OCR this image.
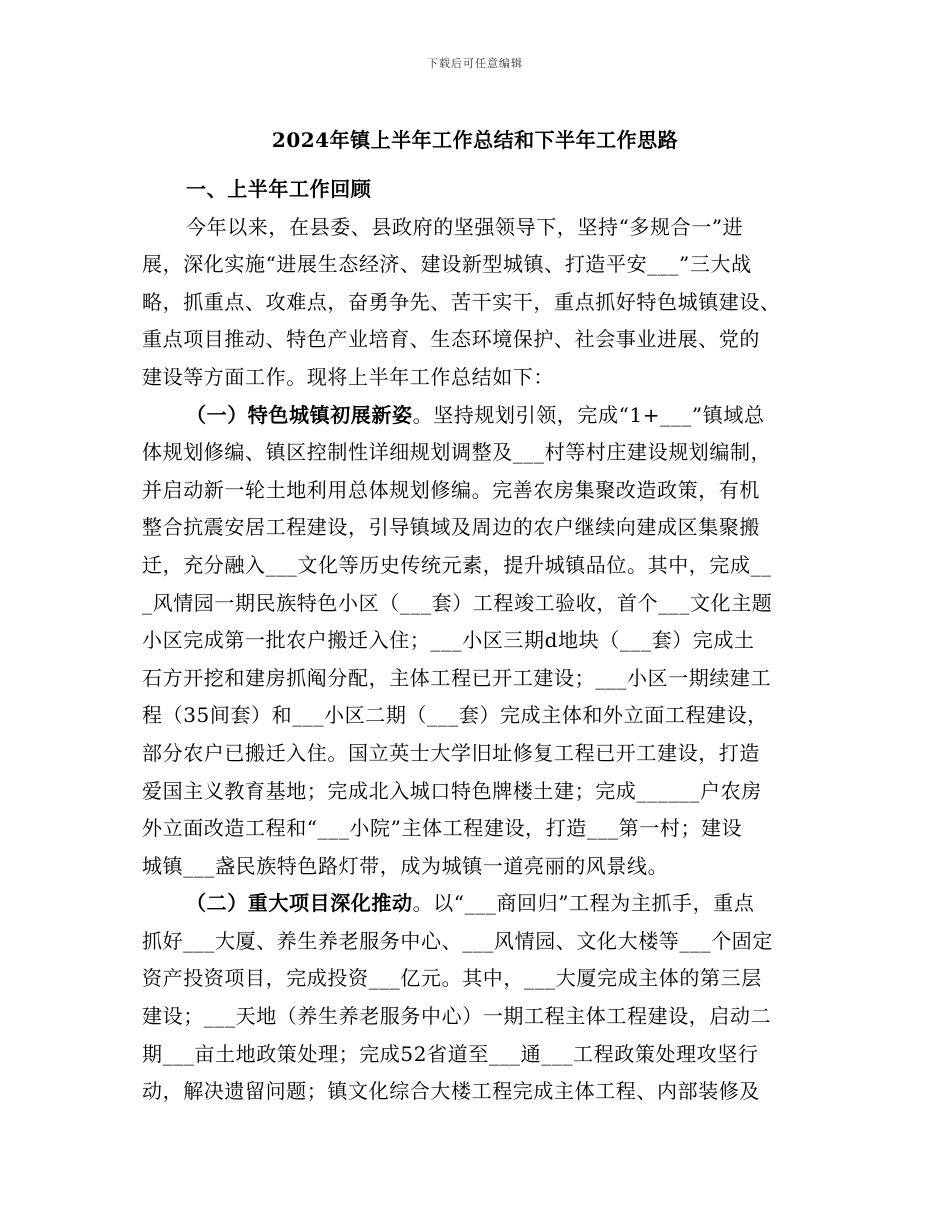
下载后可任意编辑
2024年镇上半年工作总结和下半年工作思路
一、上半年工作回顾
今年以来，在县委、县政府的坚强领导下，坚持“多规合一”进
展，深化实施“进展生态经济、建设新型城镇、打造平安___”三大战
略，抓重点、攻难点，奋勇争先、苦干实干，重点抓好特色城镇建设、
重点项目推动、特色产业培育、生态环境保护、社会事业进展、党的
建设等方面工作。现将上半年工作总结如下：
（一）特色城镇初展新姿。坚持规划引领，完成“1+___”镇域总
体规划修编、镇区控制性详细规划调整及___村等村庄建设规划编制，
并启动新一轮土地利用总体规划修编。完善农房集聚改造政策，有机
整合抗震安居工程建设，引导镇域及周边的农户继续向建成区集聚搬
迁，充分融入___文化等历史传统元素，提升城镇品位。其中，完成__
_风情园一期民族特色小区（___套）工程竣工验收，首个___文化主题
小区完成第一批农户搬迁入住；___小区三期d地块（___套）完成土
石方开挖和建房抓阄分配，主体工程已开工建设；___小区一期续建工
程（35间套）和___小区二期（___套）完成主体和外立面工程建设，
部分农户已搬迁入住。国立英士大学旧址修复工程已开工建设，打造
爱国主义教育基地；完成北入城口特色牌楼土建；完成______户农房
外立面改造工程和“___小院”主体工程建设，打造___第一村；建设
城镇___盏民族特色路灯带，成为城镇一道亮丽的风景线。
（二）重大项目深化推动。以“___商回归”工程为主抓手，重点
抓好___大厦、养生养老服务中心、___风情园、文化大楼等___个固定
资产投资项目，完成投资___亿元。其中，___大厦完成主体的第三层
建设；___天地（养生养老服务中心）一期工程主体工程建设，启动二
期___亩土地政策处理；完成52省道至___通___工程政策处理攻坚行
动，解决遗留问题；镇文化综合大楼工程完成主体工程、内部装修及
